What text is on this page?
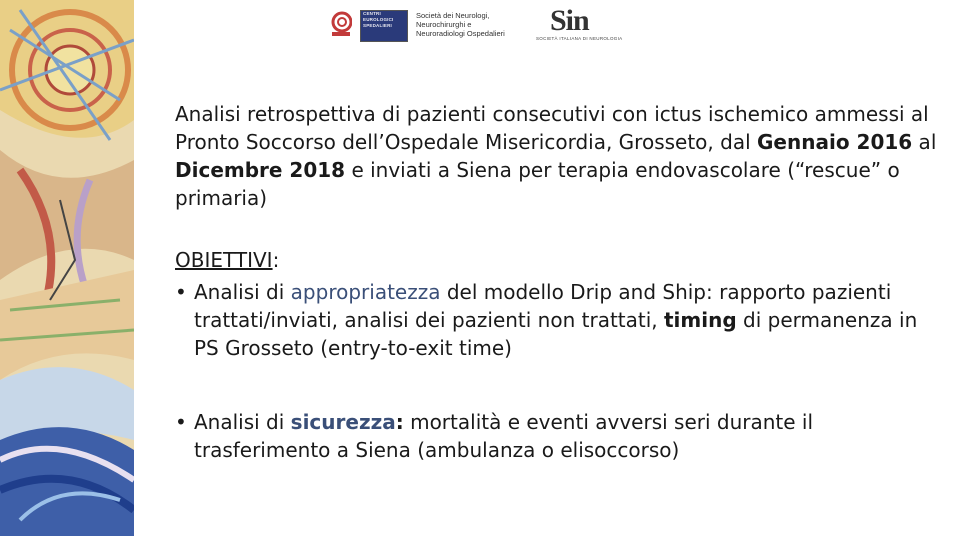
CENTRI
EUROLOGICI
SPEDALIERI
Società dei Neurologi,
Neurochirurghi e
Neuroradiologi Ospedalieri	Sin
SOCIETÀ ITALIANA DI NEUROLOGIA

Analisi retrospettiva di pazienti consecutivi con ictus ischemico ammessi al Pronto Soccorso dell’Ospedale Misericordia, Grosseto, dal Gennaio 2016 al Dicembre 2018 e inviati a Siena per terapia endovascolare (“rescue” o primaria)

OBIETTIVI:
• Analisi di appropriatezza del modello Drip and Ship: rapporto pazienti trattati/inviati, analisi dei pazienti non trattati, timing di permanenza in PS Grosseto (entry-to-exit time)
• Analisi di sicurezza: mortalità e eventi avversi seri durante il trasferimento a Siena (ambulanza o elisoccorso)
